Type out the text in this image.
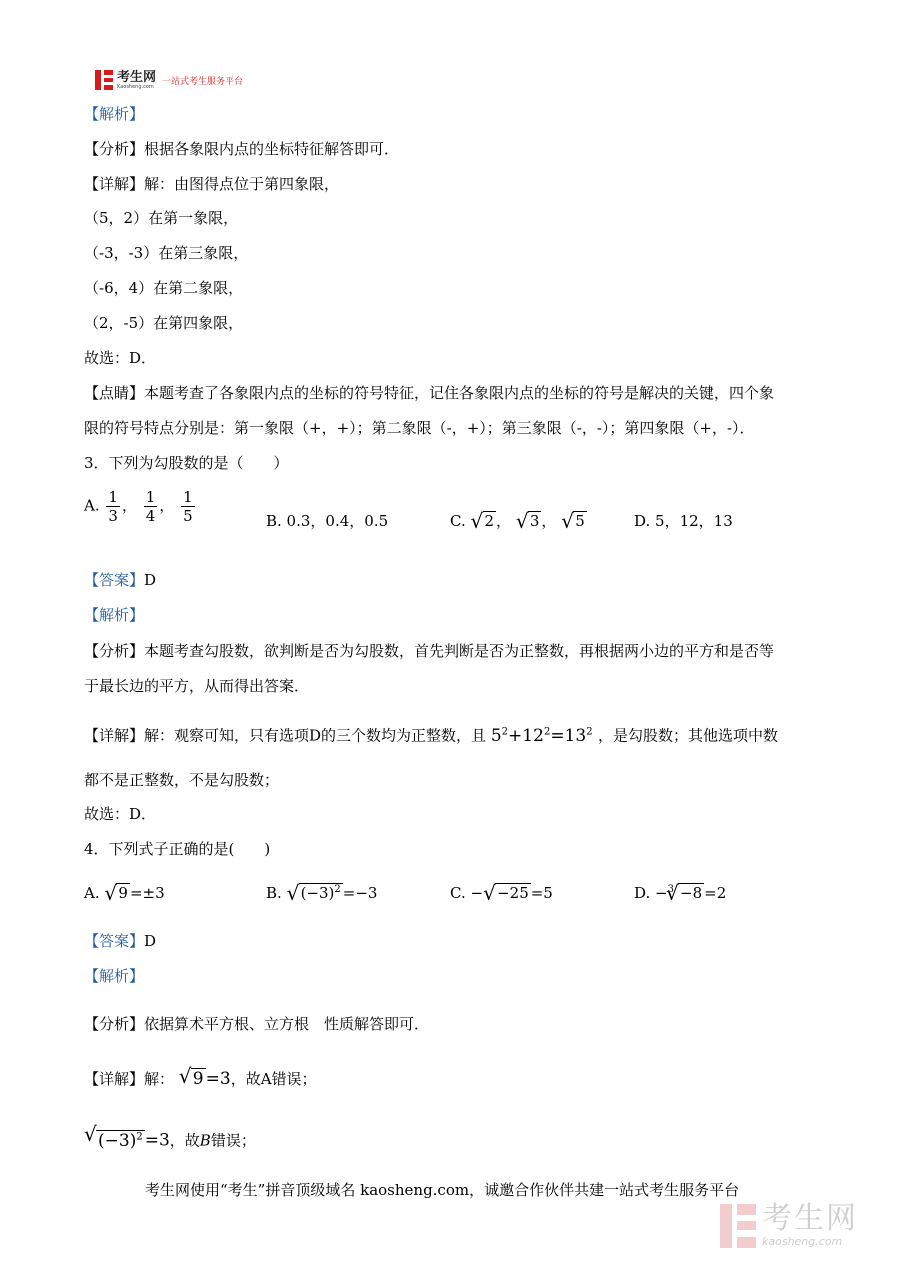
考生网
Kaosheng.com 一站式考生服务平台
【解析】
【分析】根据各象限内点的坐标特征解答即可．
【详解】解：由图得点位于第四象限，
（5，2）在第一象限，
（-3，-3）在第三象限，
（-6，4）在第二象限，
（2，-5）在第四象限，
故选：D．
【点睛】本题考查了各象限内点的坐标的符号特征，记住各象限内点的坐标的符号是解决的关键，四个象
限的符号特点分别是：第一象限（+，+）；第二象限（-，+）；第三象限（-，-）；第四象限（+，-）．
3．下列为勾股数的是（　　）
A. $\frac{1}{3}$ ， $\frac{1}{4}$ ， $\frac{1}{5}$	B. 0.3，0.4，0.5	C. √ 2 ， √ 3 ， √ 5	D. 5，12，13
【答案】D
【解析】
【分析】本题考查勾股数，欲判断是否为勾股数，首先判断是否为正整数，再根据两小边的平方和是否等
于最长边的平方，从而得出答案．
【详解】解：观察可知，只有选项D的三个数均为正整数，且 $5^2+12^2=13^2$ ，是勾股数；其他选项中数
都不是正整数，不是勾股数；
故选：D．
4．下列式子正确的是(　　)
A. √ 9 =±3	B. √ $(-3)^2 =-3$	C. − √ −25 =5	D. −$^3$ √ −8 =2
【答案】D
【解析】
【分析】依据算术平方根、立方根　性质解答即可．
【详解】解： √ 9 =3，故A错误；
√ $(-3)^2 =3$，故B错误；
考生网使用“考生”拼音顶级域名 kaosheng.com，诚邀合作伙伴共建一站式考生服务平台
考生网
kaosheng.com
